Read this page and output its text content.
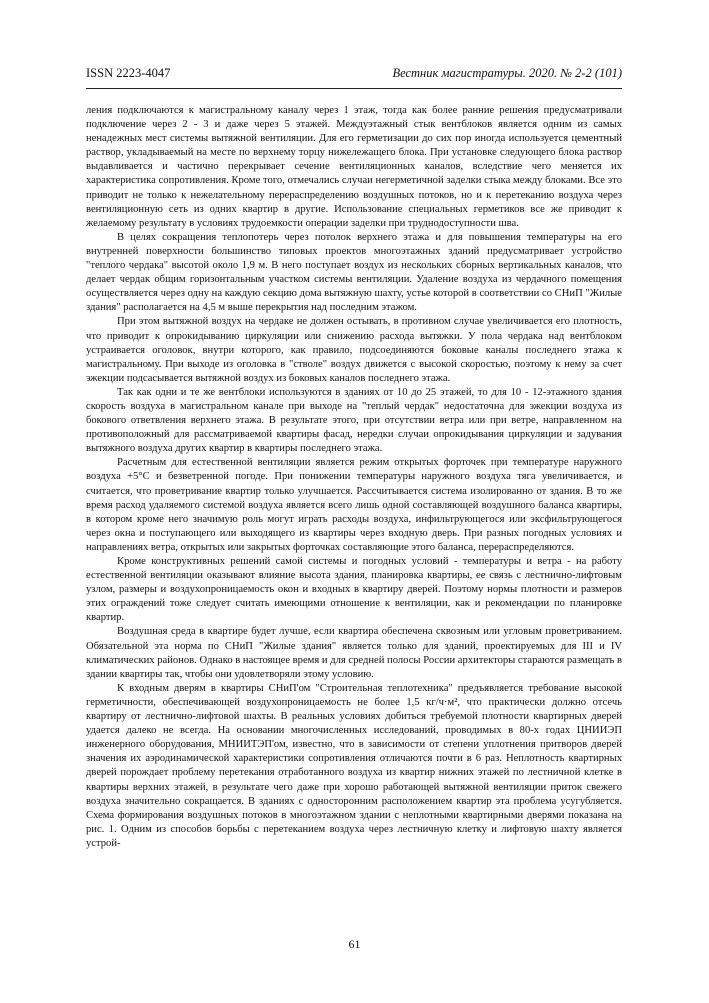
ISSN 2223-4047	Вестник магистратуры. 2020. № 2-2 (101)

ления подключаются к магистральному каналу через 1 этаж, тогда как более ранние решения предусматривали подключение через 2 - 3 и даже через 5 этажей. Междуэтажный стык вентблоков является одним из самых ненадежных мест системы вытяжной вентиляции. Для его герметизации до сих пор иногда используется цементный раствор, укладываемый на месте по верхнему торцу нижележащего блока. При установке следующего блока раствор выдавливается и частично перекрывает сечение вентиляционных каналов, вследствие чего меняется их характеристика сопротивления. Кроме того, отмечались случаи негерметичной заделки стыка между блоками. Все это приводит не только к нежелательному перераспределению воздушных потоков, но и к перетеканию воздуха через вентиляционную сеть из одних квартир в другие. Использование специальных герметиков все же приводит к желаемому результату в условиях трудоемкости операции заделки при труднодоступности шва.

В целях сокращения теплопотерь через потолок верхнего этажа и для повышения температуры на его внутренней поверхности большинство типовых проектов многоэтажных зданий предусматривает устройство "теплого чердака" высотой около 1,9 м. В него поступает воздух из нескольких сборных вертикальных каналов, что делает чердак общим горизонтальным участком системы вентиляции. Удаление воздуха из чердачного помещения осуществляется через одну на каждую секцию дома вытяжную шахту, устье которой в соответствии со СНиП "Жилые здания" располагается на 4,5 м выше перекрытия над последним этажом.

При этом вытяжной воздух на чердаке не должен остывать, в противном случае увеличивается его плотность, что приводит к опрокидыванию циркуляции или снижению расхода вытяжки. У пола чердака над вентблоком устраивается оголовок, внутри которого, как правило, подсоединяются боковые каналы последнего этажа к магистральному. При выходе из оголовка в "стволе" воздух движется с высокой скоростью, поэтому к нему за счет эжекции подсасывается вытяжной воздух из боковых каналов последнего этажа.

Так как одни и те же вентблоки используются в зданиях от 10 до 25 этажей, то для 10 - 12-этажного здания скорость воздуха в магистральном канале при выходе на "теплый чердак" недостаточна для эжекции воздуха из бокового ответвления верхнего этажа. В результате этого, при отсутствии ветра или при ветре, направленном на противоположный для рассматриваемой квартиры фасад, нередки случаи опрокидывания циркуляции и задувания вытяжного воздуха других квартир в квартиры последнего этажа.

Расчетным для естественной вентиляции является режим открытых форточек при температуре наружного воздуха +5°C и безветренной погоде. При понижении температуры наружного воздуха тяга увеличивается, и считается, что проветривание квартир только улучшается. Рассчитывается система изолированно от здания. В то же время расход удаляемого системой воздуха является всего лишь одной составляющей воздушного баланса квартиры, в котором кроме него значимую роль могут играть расходы воздуха, инфильтрующегося или эксфильтрующегося через окна и поступающего или выходящего из квартиры через входную дверь. При разных погодных условиях и направлениях ветра, открытых или закрытых форточках составляющие этого баланса, перераспределяются.

Кроме конструктивных решений самой системы и погодных условий - температуры и ветра - на работу естественной вентиляции оказывают влияние высота здания, планировка квартиры, ее связь с лестнично-лифтовым узлом, размеры и воздухопроницаемость окон и входных в квартиру дверей. Поэтому нормы плотности и размеров этих ограждений тоже следует считать имеющими отношение к вентиляции, как и рекомендации по планировке квартир.

Воздушная среда в квартире будет лучше, если квартира обеспечена сквозным или угловым проветриванием. Обязательной эта норма по СНиП "Жилые здания" является только для зданий, проектируемых для III и IV климатических районов. Однако в настоящее время и для средней полосы России архитекторы стараются размещать в здании квартиры так, чтобы они удовлетворяли этому условию.

К входным дверям в квартиры СНиП'ом "Строительная теплотехника" предъявляется требование высокой герметичности, обеспечивающей воздухопроницаемость не более 1,5 кг/ч·м², что практически должно отсечь квартиру от лестнично-лифтовой шахты. В реальных условиях добиться требуемой плотности квартирных дверей удается далеко не всегда. На основании многочисленных исследований, проводимых в 80-х годах ЦНИИЭП инженерного оборудования, МНИИТЭП'ом, известно, что в зависимости от степени уплотнения притворов дверей значения их аэродинамической характеристики сопротивления отличаются почти в 6 раз. Неплотность квартирных дверей порождает проблему перетекания отработанного воздуха из квартир нижних этажей по лестничной клетке в квартиры верхних этажей, в результате чего даже при хорошо работающей вытяжной вентиляции приток свежего воздуха значительно сокращается. В зданиях с односторонним расположением квартир эта проблема усугубляется. Схема формирования воздушных потоков в многоэтажном здании с неплотными квартирными дверями показана на рис. 1. Одним из способов борьбы с перетеканием воздуха через лестничную клетку и лифтовую шахту является устрой-

61
